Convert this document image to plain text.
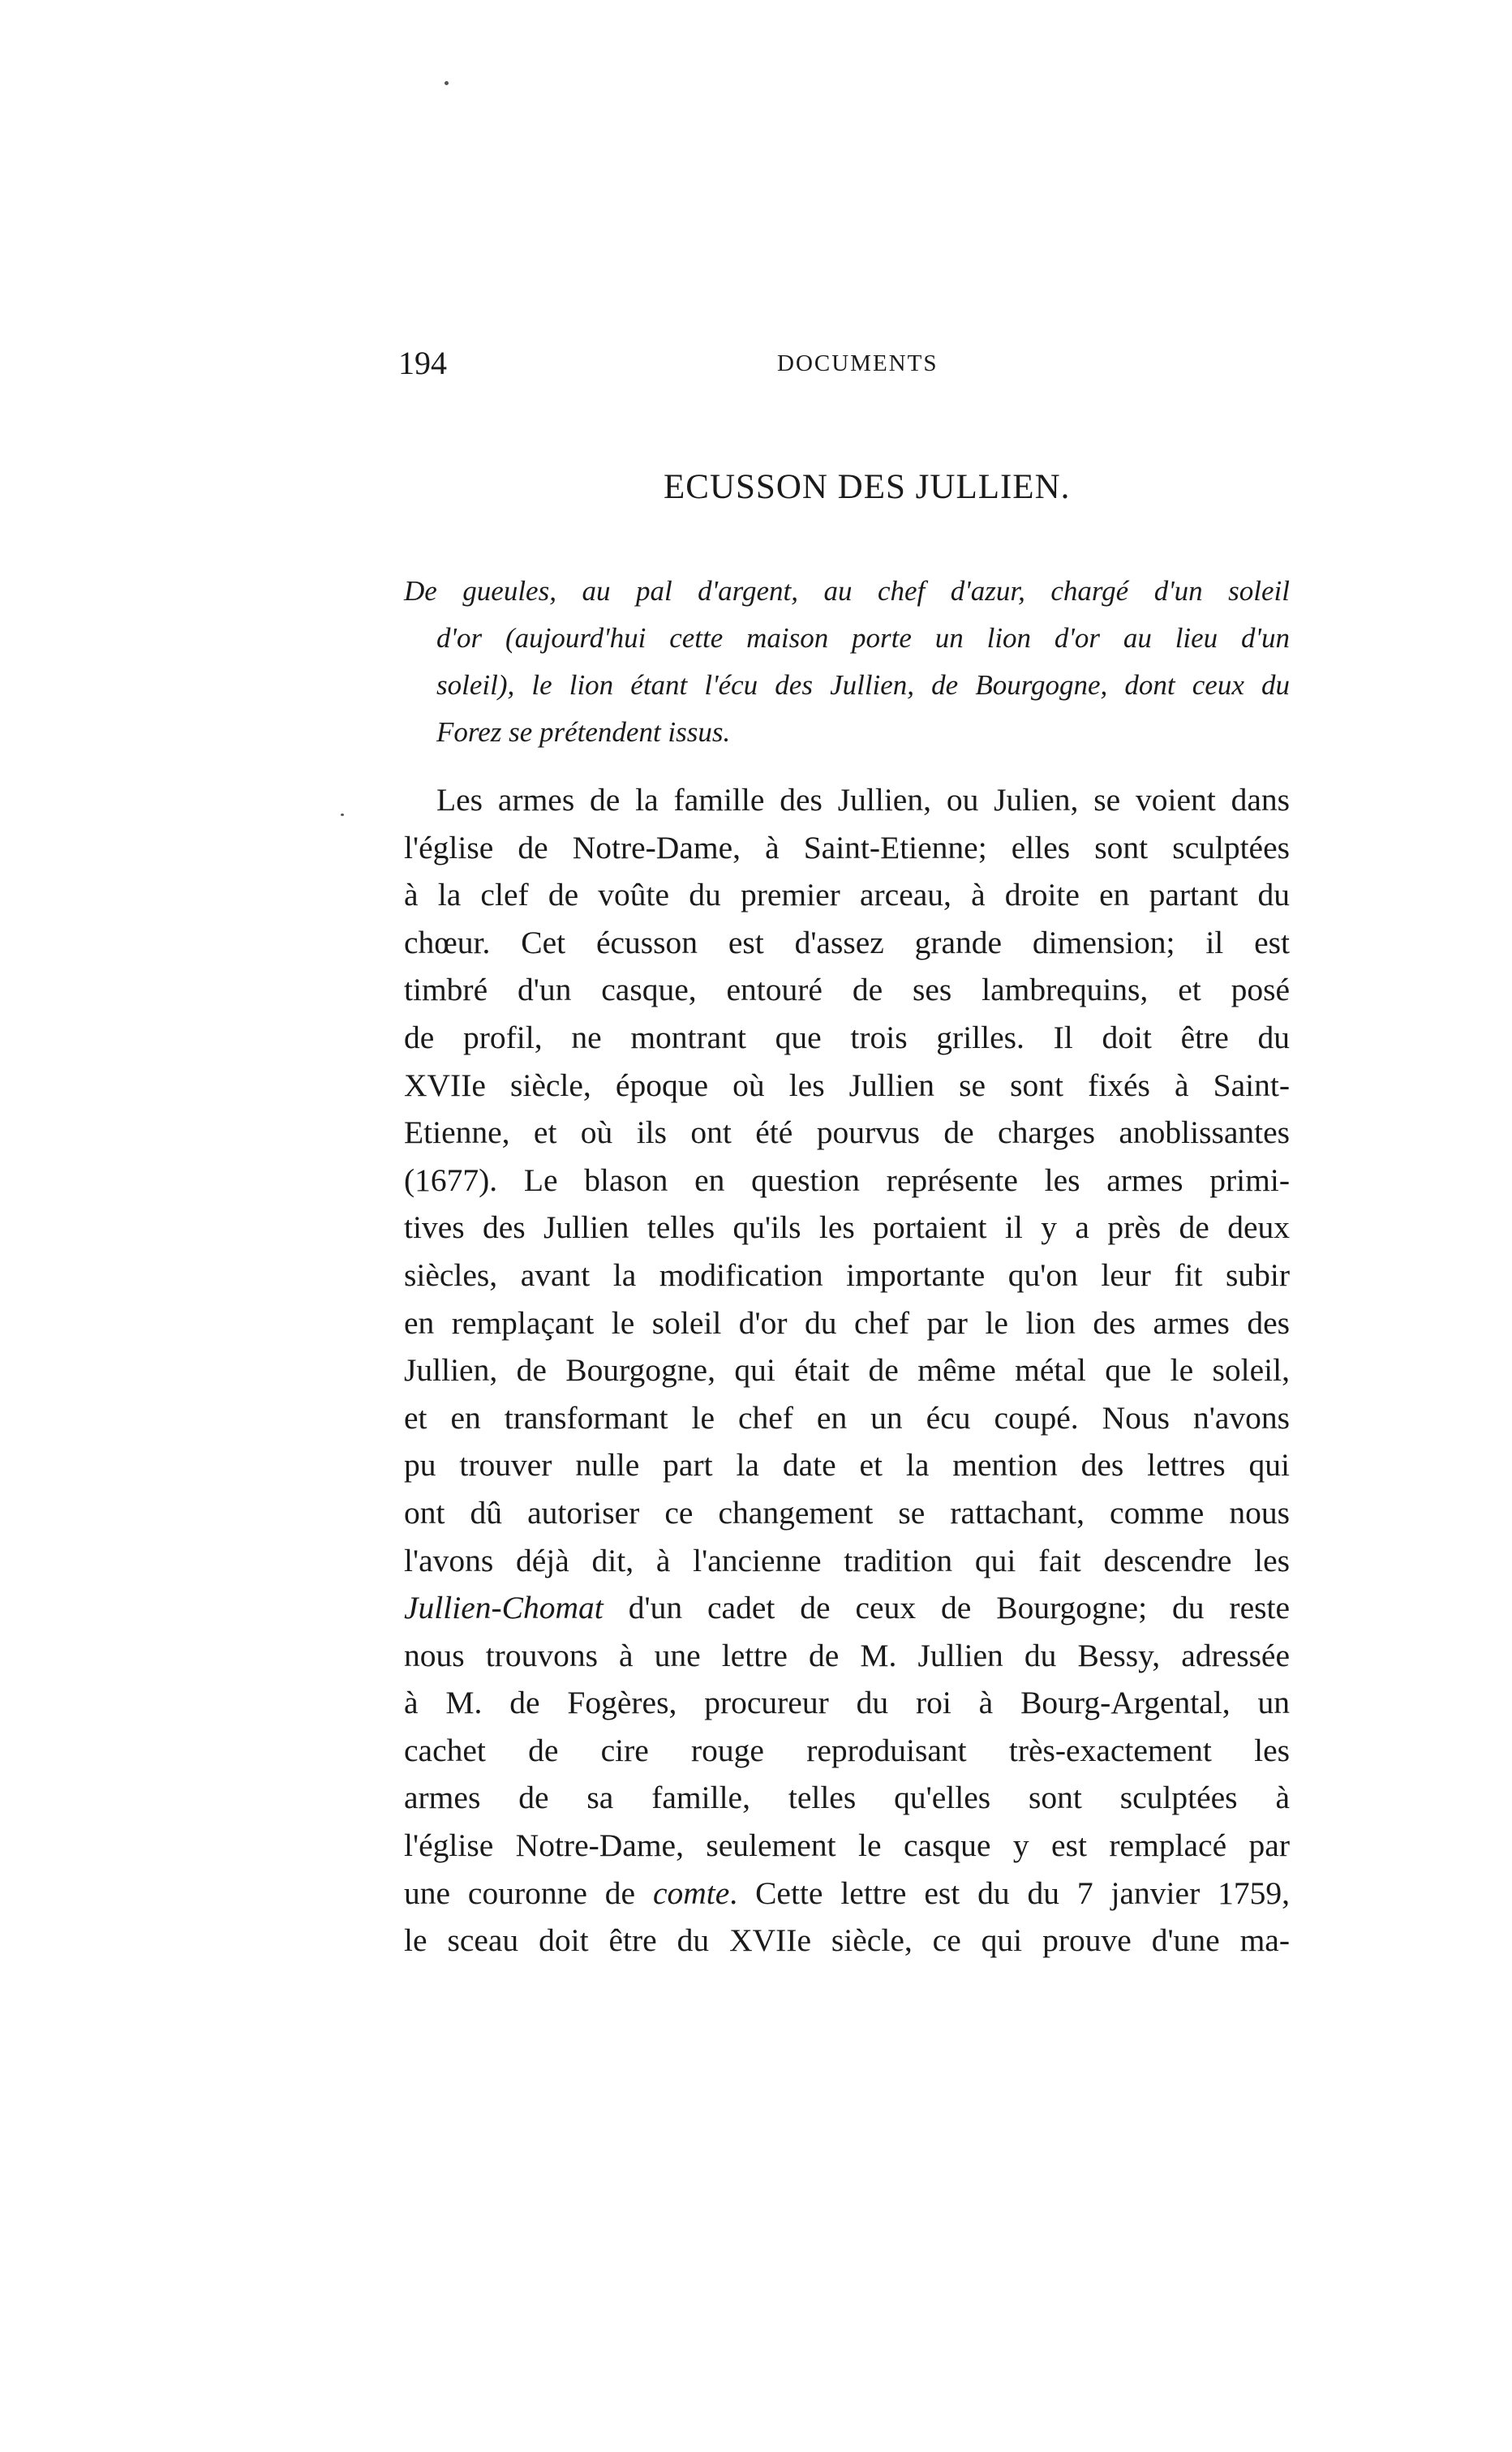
194	DOCUMENTS
ECUSSON DES JULLIEN.
De gueules, au pal d'argent, au chef d'azur, chargé d'un soleil
d'or (aujourd'hui cette maison porte un lion d'or au lieu d'un
soleil), le lion étant l'écu des Jullien, de Bourgogne, dont ceux du
Forez se prétendent issus.
Les armes de la famille des Jullien, ou Julien, se voient dans
l'église de Notre-Dame, à Saint-Etienne; elles sont sculptées
à la clef de voûte du premier arceau, à droite en partant du
chœur. Cet écusson est d'assez grande dimension; il est
timbré d'un casque, entouré de ses lambrequins, et posé
de profil, ne montrant que trois grilles. Il doit être du
XVIIe siècle, époque où les Jullien se sont fixés à Saint-
Etienne, et où ils ont été pourvus de charges anoblissantes
(1677). Le blason en question représente les armes primi-
tives des Jullien telles qu'ils les portaient il y a près de deux
siècles, avant la modification importante qu'on leur fit subir
en remplaçant le soleil d'or du chef par le lion des armes des
Jullien, de Bourgogne, qui était de même métal que le soleil,
et en transformant le chef en un écu coupé. Nous n'avons
pu trouver nulle part la date et la mention des lettres qui
ont dû autoriser ce changement se rattachant, comme nous
l'avons déjà dit, à l'ancienne tradition qui fait descendre les
Jullien-Chomat d'un cadet de ceux de Bourgogne; du reste
nous trouvons à une lettre de M. Jullien du Bessy, adressée
à M. de Fogères, procureur du roi à Bourg-Argental, un
cachet de cire rouge reproduisant très-exactement les
armes de sa famille, telles qu'elles sont sculptées à
l'église Notre-Dame, seulement le casque y est remplacé par
une couronne de comte. Cette lettre est du du 7 janvier 1759,
le sceau doit être du XVIIe siècle, ce qui prouve d'une ma-
